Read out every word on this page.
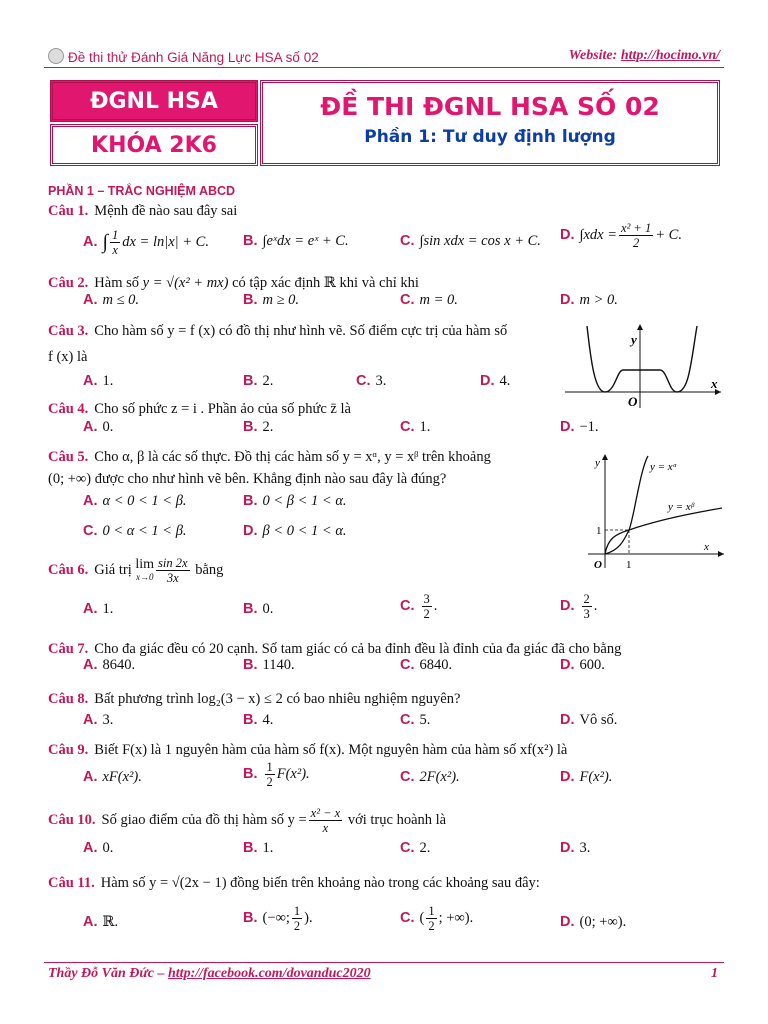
Đề thi thử Đánh Giá Năng Lực HSA số 02	Website: http://hocimo.vn/
ĐGNL HSA
KHÓA 2K6
ĐỀ THI ĐGNL HSA SỐ 02
Phần 1: Tư duy định lượng
PHẦN 1 – TRẮC NGHIỆM ABCD
Câu 1. Mệnh đề nào sau đây sai
A. ∫ $\frac{1}{x}$ dx = ln|x| + C. B. ∫eˣdx = eˣ + C.	C. ∫sin xdx = cos x + C. D. $\int xdx = \frac{\text{x² + 1}}{2} + C$.
Câu 2. Hàm số y = √(x² + mx) có tập xác định ℝ khi và chỉ khi
A. m ≤ 0.	B. m ≥ 0.	C. m = 0.	D. m > 0.
Câu 3. Cho hàm số y = f (x) có đồ thị như hình vẽ. Số điểm cực trị của hàm số
f (x) là
A. 1.	B. 2.	C. 3.	D. 4.
y
x
O
Câu 4. Cho số phức z = i . Phần ảo của số phức z̄ là
A. 0.	B. 2.	C. 1.	D. −1.
Câu 5. Cho α, β là các số thực. Đồ thị các hàm số y = xᵅ, y = xᵝ trên khoảng
(0; +∞) được cho như hình vẽ bên. Khẳng định nào sau đây là đúng?
A. α < 0 < 1 < β.	B. 0 < β < 1 < α.
C. 0 < α < 1 < β.	D. β < 0 < 1 < α.
y
x
O 1
1
y = xᵅ
y = xᵝ
Câu 6. Giá trị lim
$x\to 0 \frac{\sin 2x}{3x}$ bằng
A. 1.	B. 0.	C. $\frac{3}{2}$ .	D. $\frac{2}{3}$ .
Câu 7. Cho đa giác đều có 20 cạnh. Số tam giác có cả ba đỉnh đều là đỉnh của đa giác đã cho bằng
A. 8640.	B. 1140.	C. 6840.	D. 600.
Câu 8. Bất phương trình log₂(3 − x) ≤ 2 có bao nhiêu nghiệm nguyên?
A. 3.	B. 4.	C. 5.	D. Vô số.
Câu 9. Biết F(x) là 1 nguyên hàm của hàm số f(x). Một nguyên hàm của hàm số xf(x²) là
A. xF(x²).	B. $\frac{1}{2} F(x^2)$.	C. 2F(x²).	D. F(x²).
Câu 10. Số giao điểm của đồ thị hàm số $y = \frac{\text{x² − x}}{x}$ với trục hoành là
A. 0.	B. 1.	C. 2.	D. 3.
Câu 11. Hàm số y = √(2x − 1) đồng biến trên khoảng nào trong các khoảng sau đây:
A. ℝ.	B. (−∞; $\frac{1}{2}$ ).	C. ( $\frac{1}{2}$ ; +∞).	D. (0; +∞).
Thầy Đỗ Văn Đức – http://facebook.com/dovanduc2020	1
